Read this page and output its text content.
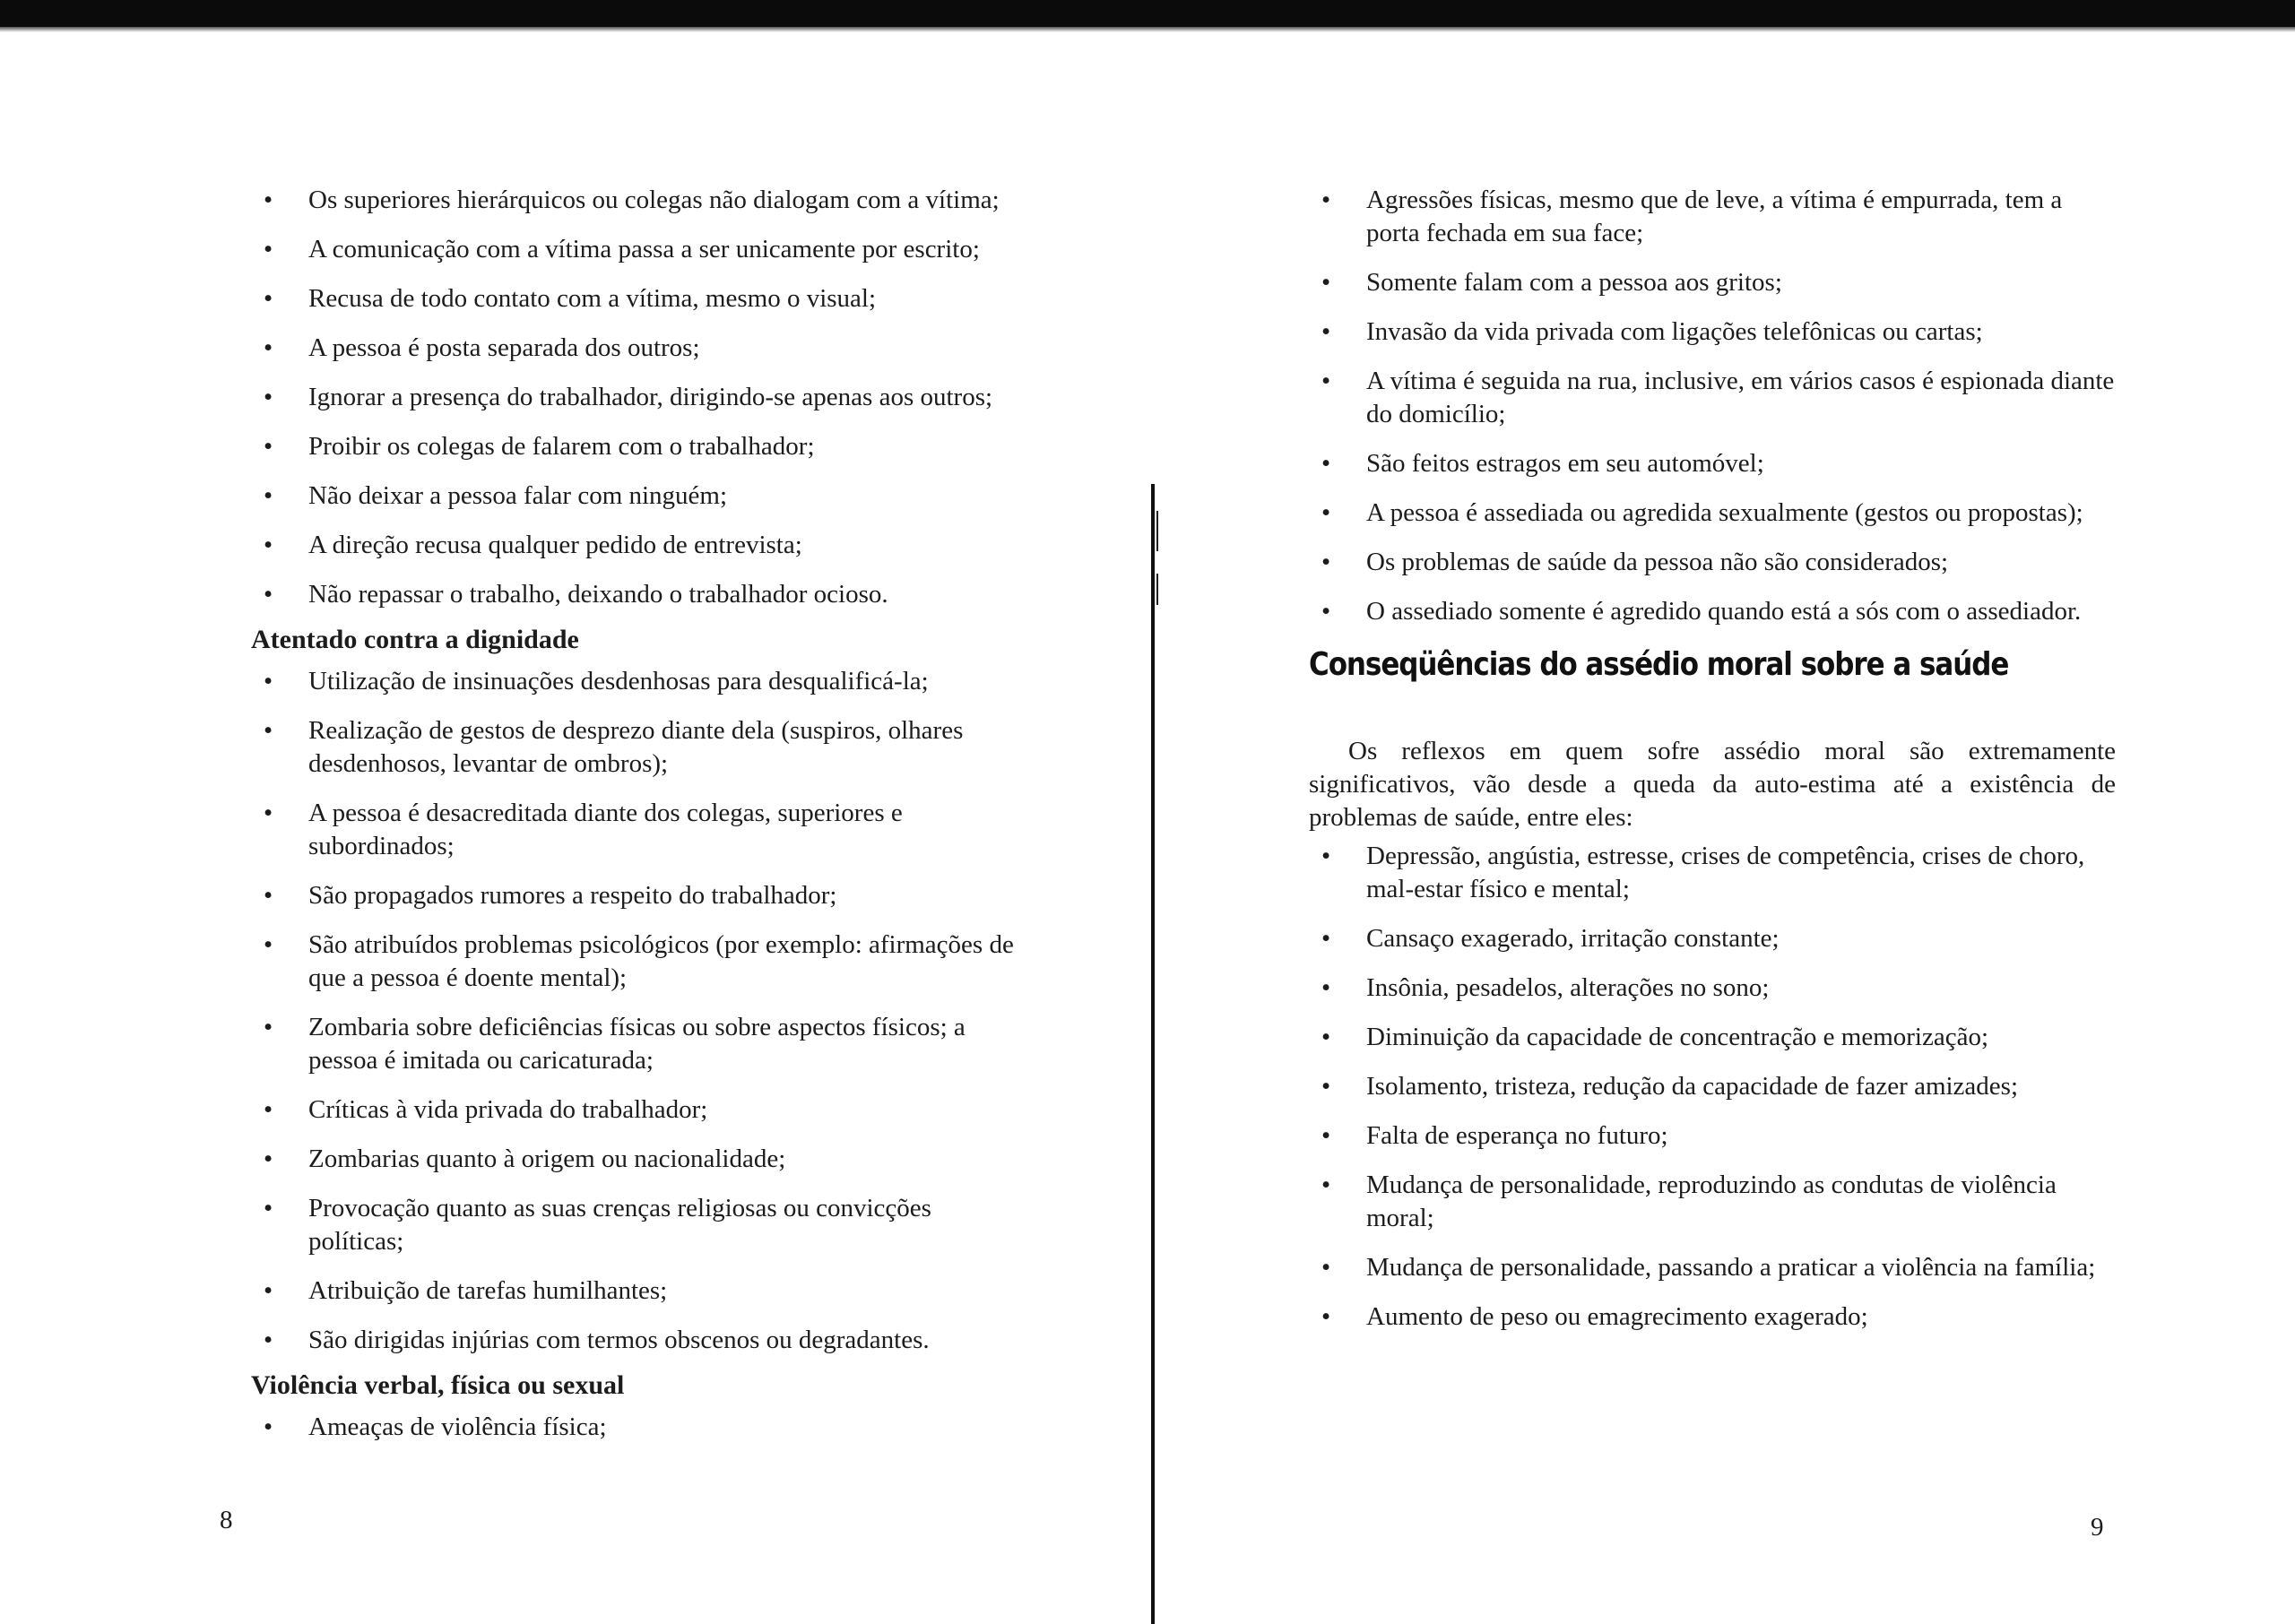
• Os superiores hierárquicos ou colegas não dialogam com a vítima;
• A comunicação com a vítima passa a ser unicamente por escrito;
• Recusa de todo contato com a vítima, mesmo o visual;
• A pessoa é posta separada dos outros;
• Ignorar a presença do trabalhador, dirigindo-se apenas aos outros;
• Proibir os colegas de falarem com o trabalhador;
• Não deixar a pessoa falar com ninguém;
• A direção recusa qualquer pedido de entrevista;
• Não repassar o trabalho, deixando o trabalhador ocioso.
Atentado contra a dignidade
• Utilização de insinuações desdenhosas para desqualificá-la;
• Realização de gestos de desprezo diante dela (suspiros, olhares desdenhosos, levantar de ombros);
• A pessoa é desacreditada diante dos colegas, superiores e subordinados;
• São propagados rumores a respeito do trabalhador;
• São atribuídos problemas psicológicos (por exemplo: afirmações de que a pessoa é doente mental);
• Zombaria sobre deficiências físicas ou sobre aspectos físicos; a pessoa é imitada ou caricaturada;
• Críticas à vida privada do trabalhador;
• Zombarias quanto à origem ou nacionalidade;
• Provocação quanto as suas crenças religiosas ou convicções políticas;
• Atribuição de tarefas humilhantes;
• São dirigidas injúrias com termos obscenos ou degradantes.
Violência verbal, física ou sexual
• Ameaças de violência física;
8
• Agressões físicas, mesmo que de leve, a vítima é empurrada, tem a porta fechada em sua face;
• Somente falam com a pessoa aos gritos;
• Invasão da vida privada com ligações telefônicas ou cartas;
• A vítima é seguida na rua, inclusive, em vários casos é espionada diante do domicílio;
• São feitos estragos em seu automóvel;
• A pessoa é assediada ou agredida sexualmente (gestos ou propostas);
• Os problemas de saúde da pessoa não são considerados;
• O assediado somente é agredido quando está a sós com o assediador.
Conseqüências do assédio moral sobre a saúde

Os reflexos em quem sofre assédio moral são extremamente significativos, vão desde a queda da auto-estima até a existência de problemas de saúde, entre eles:

• Depressão, angústia, estresse, crises de competência, crises de choro, mal-estar físico e mental;
• Cansaço exagerado, irritação constante;
• Insônia, pesadelos, alterações no sono;
• Diminuição da capacidade de concentração e memorização;
• Isolamento, tristeza, redução da capacidade de fazer amizades;
• Falta de esperança no futuro;
• Mudança de personalidade, reproduzindo as condutas de violência moral;
• Mudança de personalidade, passando a praticar a violência na família;
• Aumento de peso ou emagrecimento exagerado;
9
